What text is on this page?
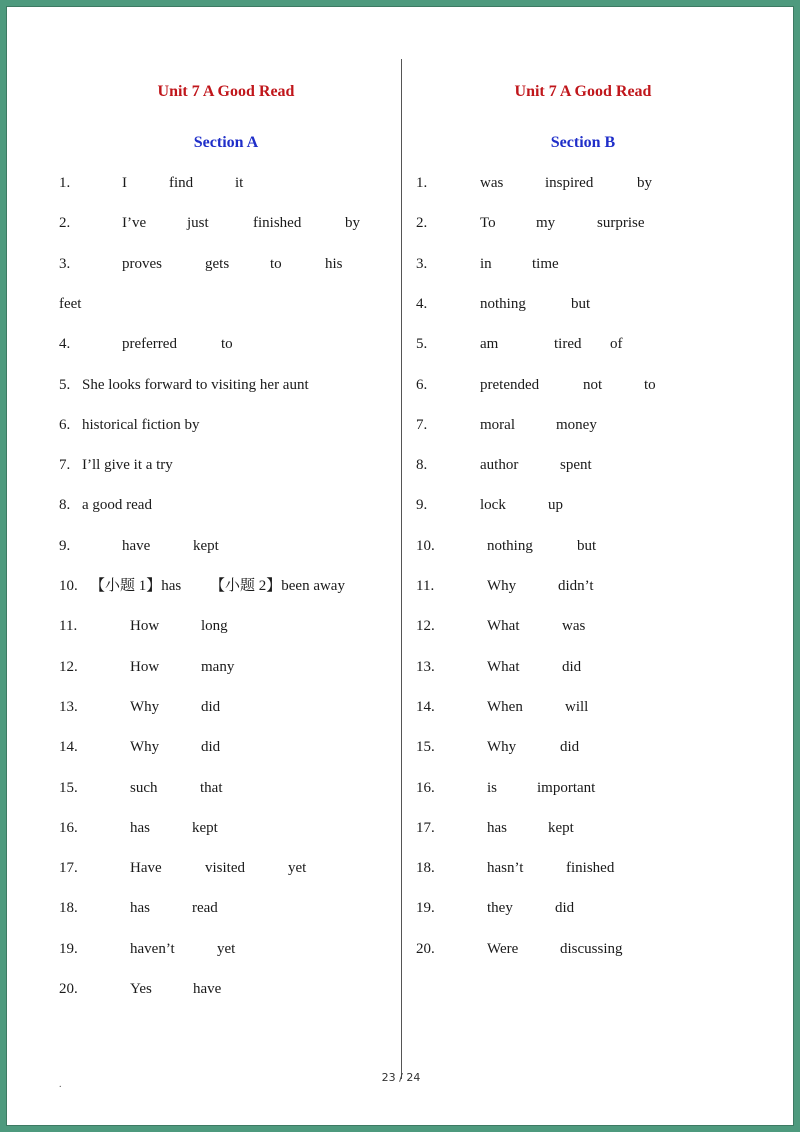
Unit 7 A Good Read
Section A
Unit 7 A Good Read
Section B
1.	I	find	it
2.	I’ve	just	finished	by
3.	proves	gets	to	his
feet
4.	preferred	to
5. She looks forward to visiting her aunt
6. historical fiction by
7. I’ll give it a try
8. a good read
9.	have	kept
10. 【小题 1】has 【小题 2】been away
11.	How	long
12.	How	many
13.	Why	did
14.	Why	did
15.	such	that
16.	has	kept
17.	Have	visited	yet
18.	has	read
19.	haven’t	yet
20.	Yes	have
1.	was	inspired	by
2.	To	my	surprise
3.	in	time
4.	nothing	but
5.	am	tired of
6.	pretended	not	to
7.	moral	money
8.	author	spent
9.	lock	up
10.	nothing	but
11.	Why	didn’t
12.	What	was
13.	What	did
14.	When	will
15.	Why	did
16.	is	important
17.	has	kept
18.	hasn’t	finished
19.	they	did
20.	Were	discussing
23 / 24
.
